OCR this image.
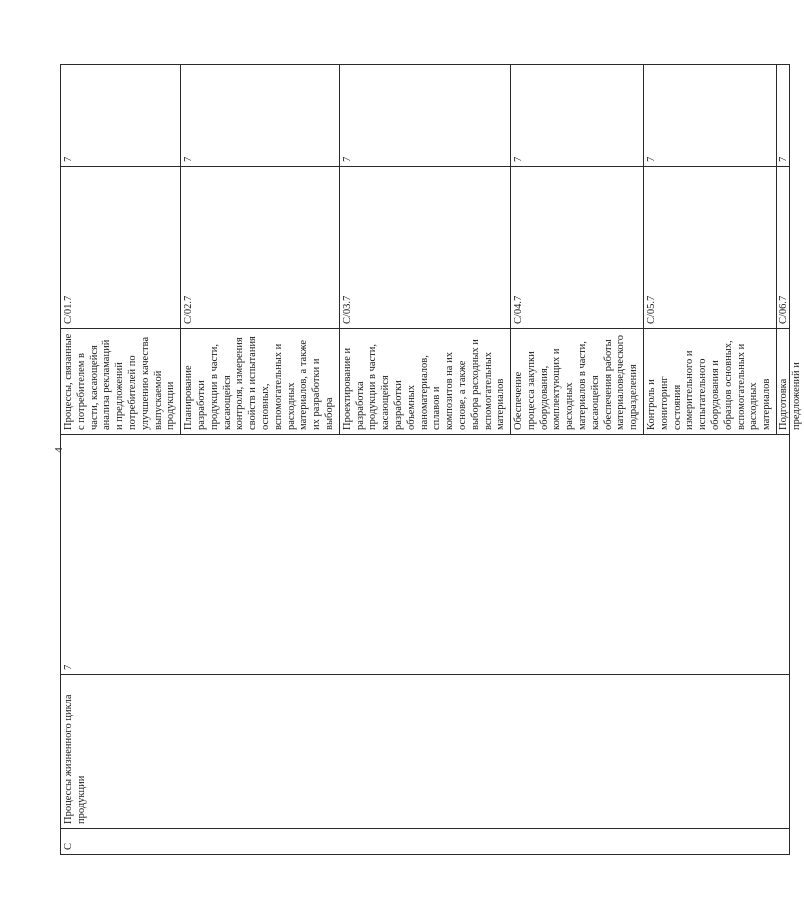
4
C	Процессы жизненного цикла продукции	7	Процессы, связанные с потребителем в части, касающейся анализа рекламаций и предложений потребителей по улучшению качества выпускаемой продукции	C/01.7	7
			Планирование разработки продукции в части, касающейся контроля, измерения свойств и испытания основных, вспомогательных и расходных материалов, а также их разработки и выбора	C/02.7	7
			Проектирование и разработка продукции в части, касающейся разработки объемных наноматериалов, сплавов и композитов на их основе, а также выбора расходных и вспомогательных материалов	C/03.7	7
			Обеспечение процесса закупки оборудования, комплектующих и расходных материалов в части, касающейся обеспечения работы материаловедческого подразделения	C/04.7	7
			Контроль и мониторинг состояния измерительного и испытательного оборудования и образцов основных, вспомогательных и расходных материалов	C/05.7	7

			Подготовка предложений и	C/06.7	7
